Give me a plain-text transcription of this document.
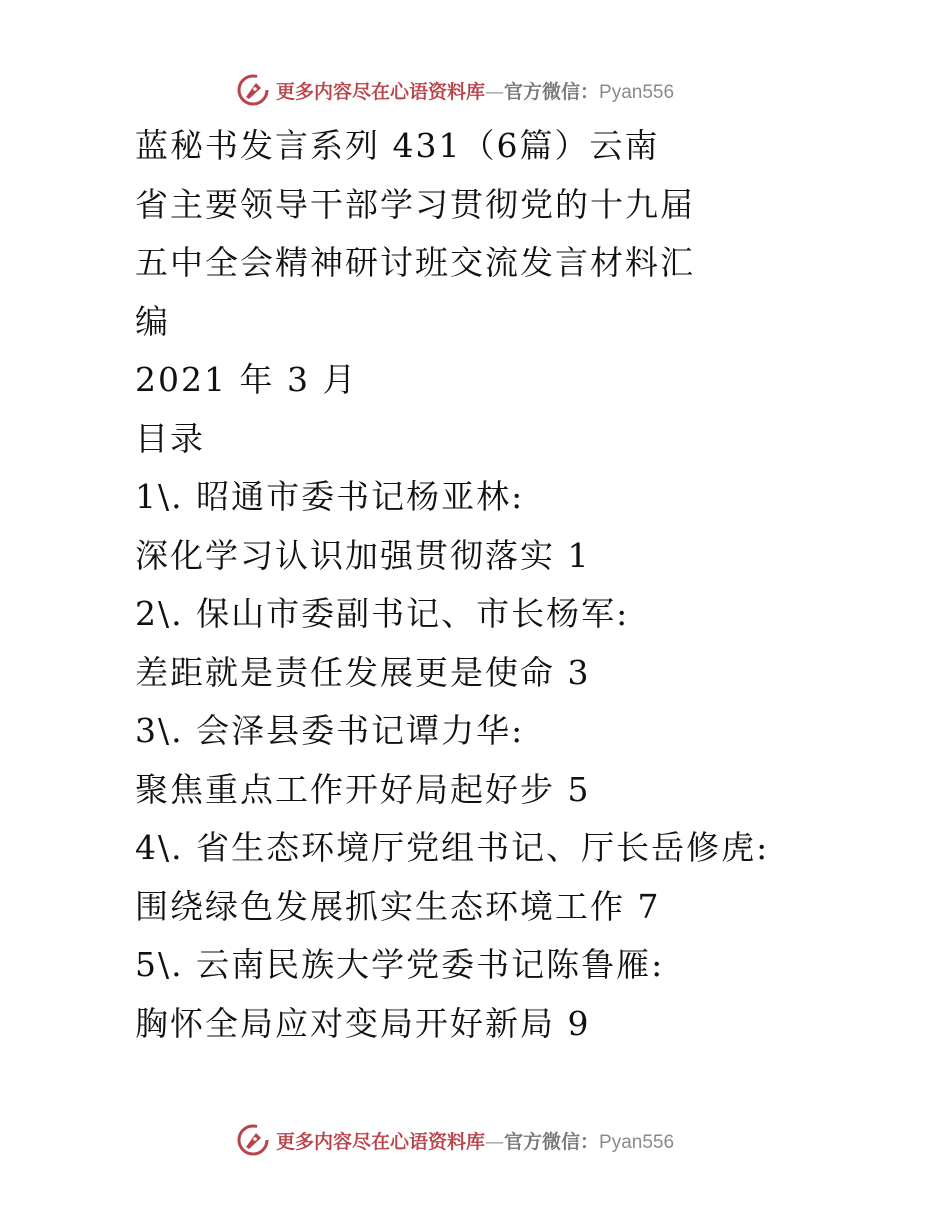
更多内容尽在心语资料库—官方微信：Pyan556
蓝秘书发言系列 431（6篇）云南
省主要领导干部学习贯彻党的十九届
五中全会精神研讨班交流发言材料汇
编
2021 年 3 月
目录
1\. 昭通市委书记杨亚林:
深化学习认识加强贯彻落实 1
2\. 保山市委副书记、市长杨军:
差距就是责任发展更是使命 3
3\. 会泽县委书记谭力华:
聚焦重点工作开好局起好步 5
4\. 省生态环境厅党组书记、厅长岳修虎:
围绕绿色发展抓实生态环境工作 7
5\. 云南民族大学党委书记陈鲁雁:
胸怀全局应对变局开好新局 9
更多内容尽在心语资料库—官方微信：Pyan556
